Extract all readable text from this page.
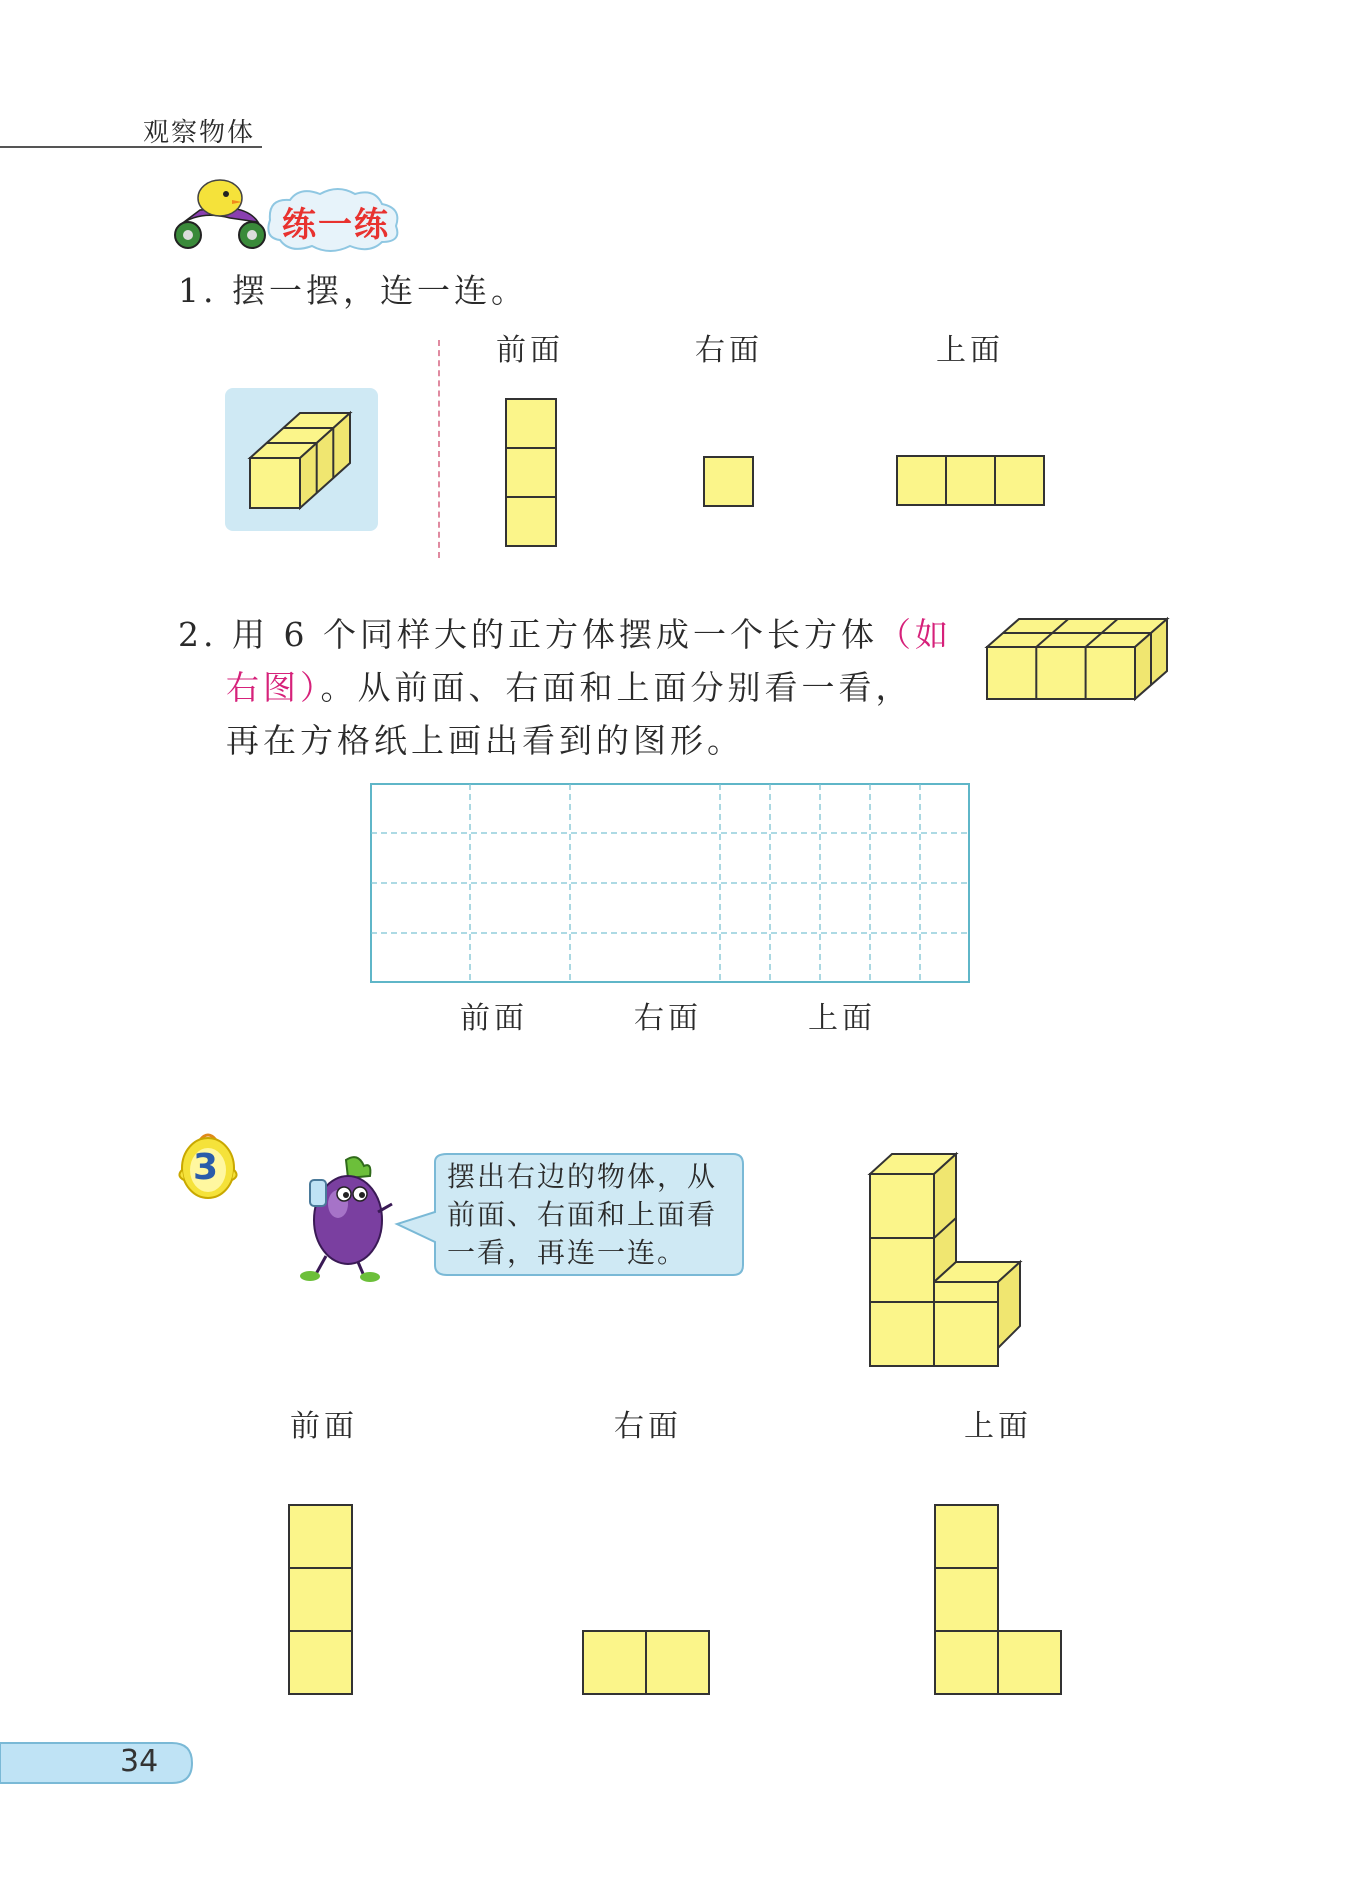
观察物体
练一练
1. 摆一摆，连一连。
前面	右面	上面
2. 用 6 个同样大的正方体摆成一个长方体（如
右图）。从前面、右面和上面分别看一看，
再在方格纸上画出看到的图形。
前面	右面	上面
3	摆出右边的物体，从前面、右面和上面看一看，再连一连。
前面	右面	上面
34
